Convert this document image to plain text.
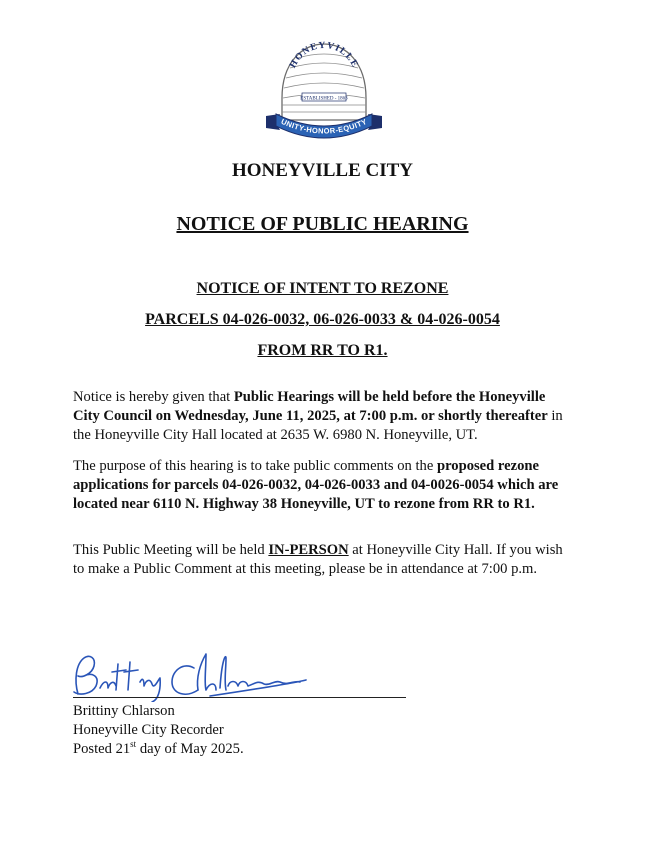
HONEYVILLE
ESTABLISHED - 1863
UNITY-HONOR-EQUITY
HONEYVILLE CITY
NOTICE OF PUBLIC HEARING
NOTICE OF INTENT TO REZONE
PARCELS 04-026-0032, 06-026-0033 & 04-026-0054
FROM RR TO R1.

Notice is hereby given that Public Hearings will be held before the Honeyville City Council on Wednesday, June 11, 2025, at 7:00 p.m. or shortly thereafter in the Honeyville City Hall located at 2635 W. 6980 N. Honeyville, UT.

The purpose of this hearing is to take public comments on the proposed rezone applications for parcels 04-026-0032, 04-026-0033 and 04-0026-0054 which are located near 6110 N. Highway 38 Honeyville, UT to rezone from RR to R1.

This Public Meeting will be held IN-PERSON at Honeyville City Hall. If you wish to make a Public Comment at this meeting, please be in attendance at 7:00 p.m.

Brittiny Chlarson
Honeyville City Recorder
Posted 21st day of May 2025.
